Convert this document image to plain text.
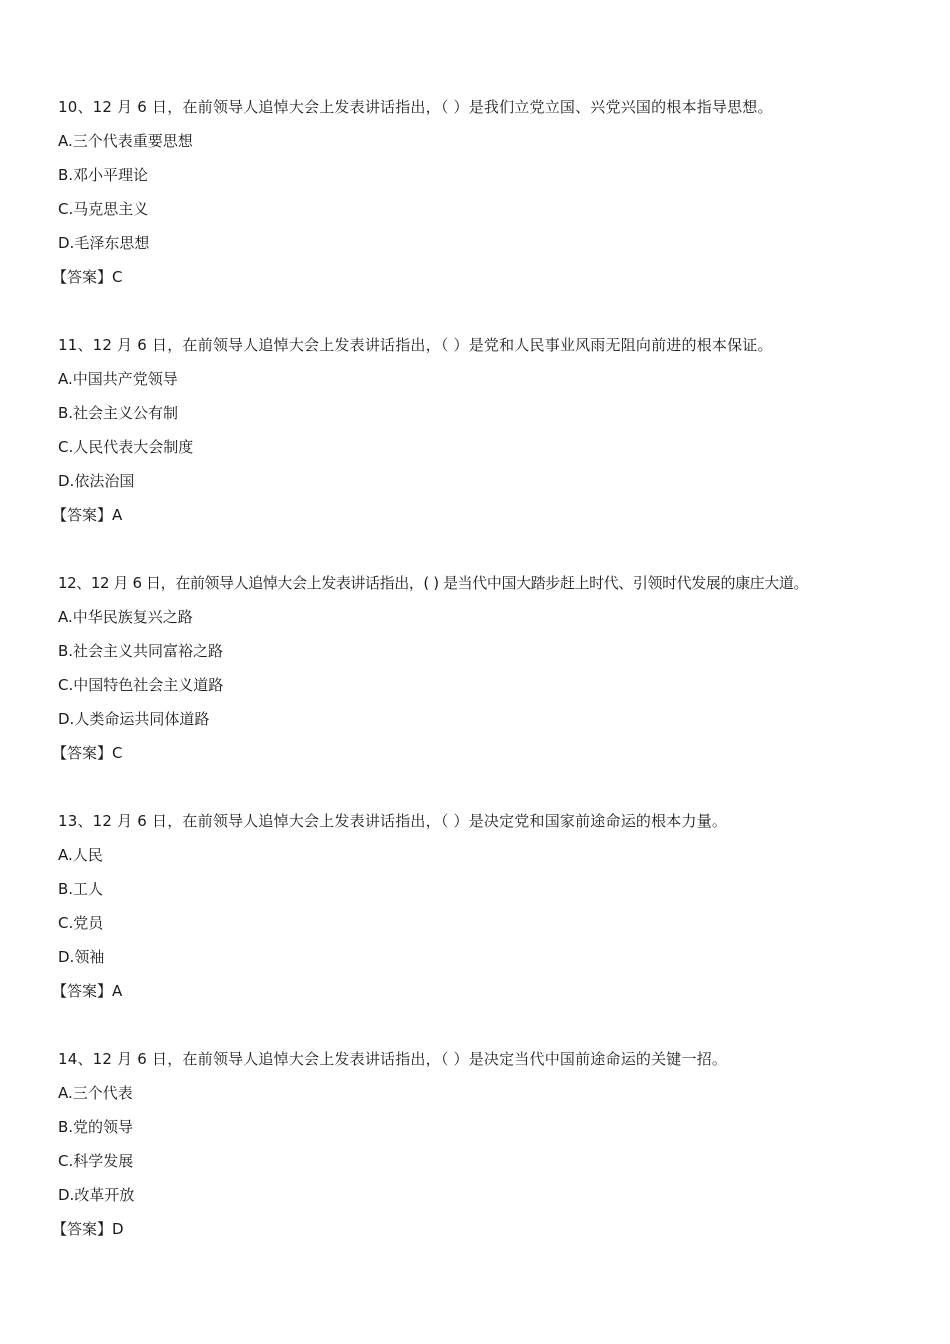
10、12 月 6 日，在前领导人追悼大会上发表讲话指出，（ ）是我们立党立国、兴党兴国的根本指导思想。
A.三个代表重要思想
B.邓小平理论
C.马克思主义
D.毛泽东思想
【答案】C
11、12 月 6 日，在前领导人追悼大会上发表讲话指出，（ ）是党和人民事业风雨无阻向前进的根本保证。
A.中国共产党领导
B.社会主义公有制
C.人民代表大会制度
D.依法治国
【答案】A
12、12 月 6 日，在前领导人追悼大会上发表讲话指出，( ) 是当代中国大踏步赶上时代、引领时代发展的康庄大道。
A.中华民族复兴之路
B.社会主义共同富裕之路
C.中国特色社会主义道路
D.人类命运共同体道路
【答案】C
13、12 月 6 日，在前领导人追悼大会上发表讲话指出，（ ）是决定党和国家前途命运的根本力量。
A.人民
B.工人
C.党员
D.领袖
【答案】A
14、12 月 6 日，在前领导人追悼大会上发表讲话指出，（ ）是决定当代中国前途命运的关键一招。
A.三个代表
B.党的领导
C.科学发展
D.改革开放
【答案】D
